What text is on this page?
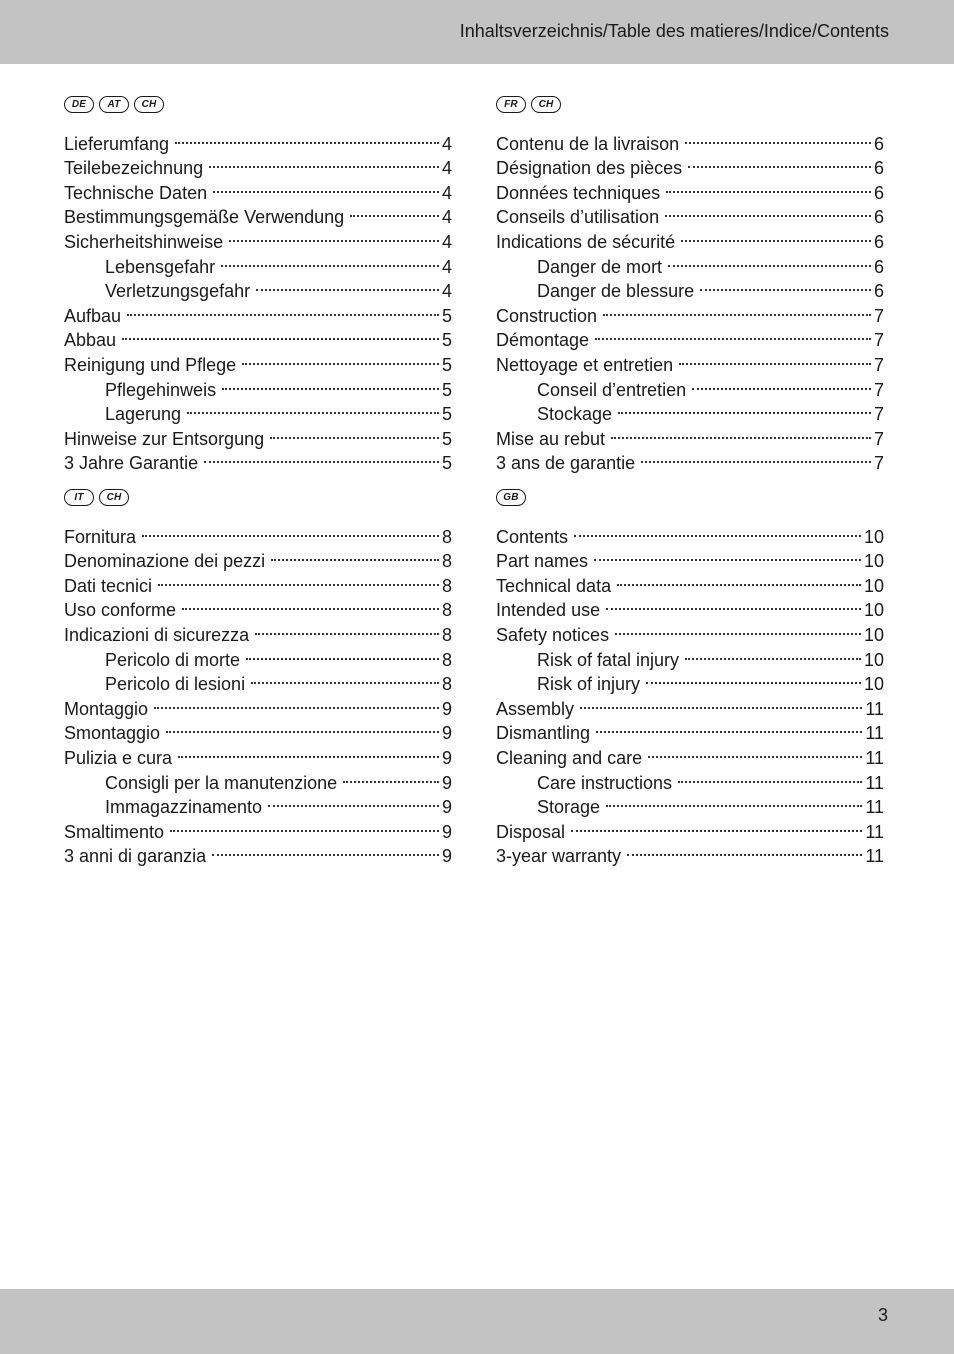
Inhaltsverzeichnis/Table des matieres/Indice/Contents
DE	AT	CH
Lieferumfang	4
Teilebezeichnung	4
Technische Daten	4
Bestimmungsgemäße Verwendung	4
Sicherheitshinweise	4
Lebensgefahr	4
Verletzungsgefahr	4
Aufbau	5
Abbau	5
Reinigung und Pflege	5
Pflegehinweis	5
Lagerung	5
Hinweise zur Entsorgung	5
3 Jahre Garantie	5
FR	CH
Contenu de la livraison	6
Désignation des pièces	6
Données techniques	6
Conseils d’utilisation	6
Indications de sécurité	6
Danger de mort	6
Danger de blessure	6
Construction	7
Démontage	7
Nettoyage et entretien	7
Conseil d’entretien	7
Stockage	7
Mise au rebut	7
3 ans de garantie	7
IT	CH
Fornitura	8
Denominazione dei pezzi	8
Dati tecnici	8
Uso conforme	8
Indicazioni di sicurezza	8
Pericolo di morte	8
Pericolo di lesioni	8
Montaggio	9
Smontaggio	9
Pulizia e cura	9
Consigli per la manutenzione	9
Immagazzinamento	9
Smaltimento	9
3 anni di garanzia	9
GB
Contents	10
Part names	10
Technical data	10
Intended use	10
Safety notices	10
Risk of fatal injury	10
Risk of injury	10
Assembly	11
Dismantling	11
Cleaning and care	11
Care instructions	11
Storage	11
Disposal	11
3-year warranty	11
3
